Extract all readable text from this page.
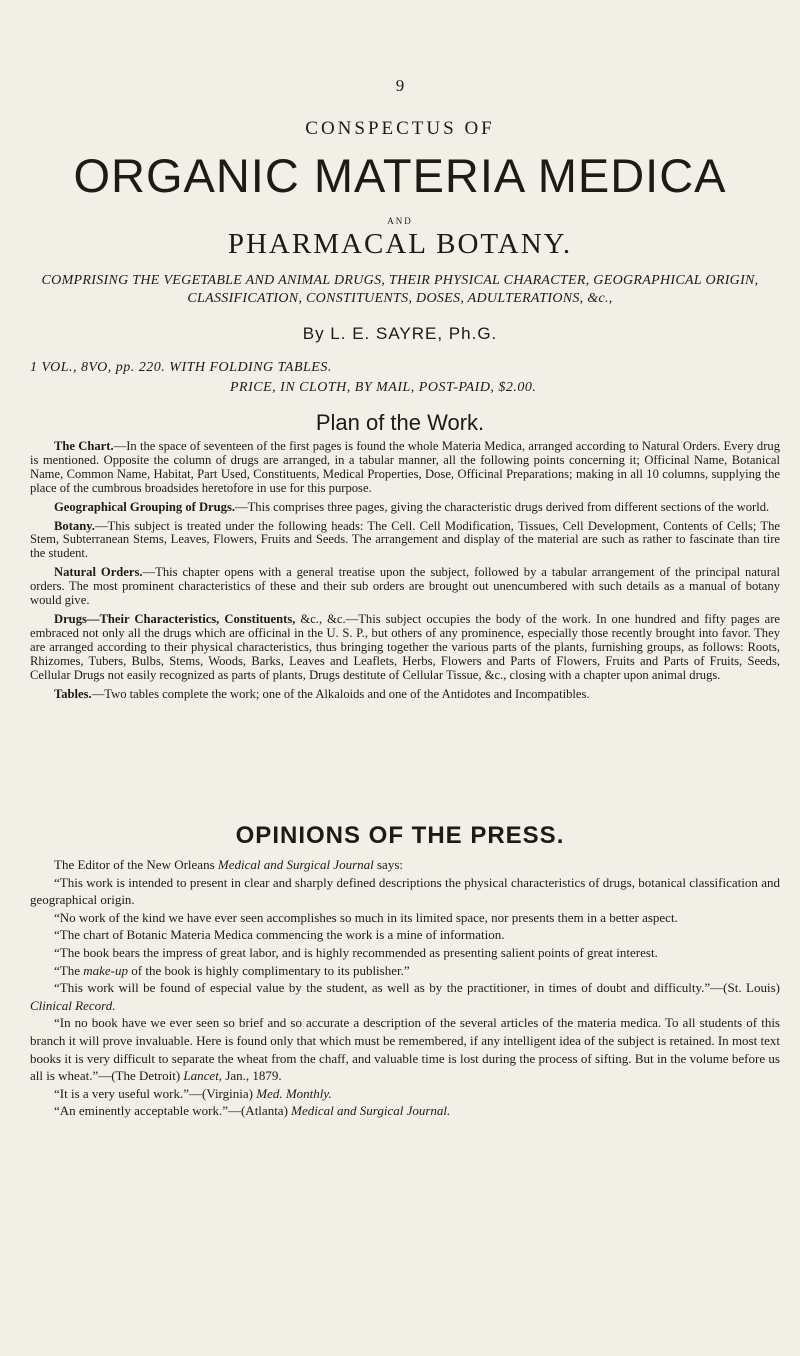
9
CONSPECTUS OF
ORGANIC MATERIA MEDICA
AND
PHARMACAL BOTANY.
COMPRISING THE VEGETABLE AND ANIMAL DRUGS, THEIR PHYSICAL CHARACTER, GEOGRAPHICAL ORIGIN, CLASSIFICATION, CONSTITUENTS, DOSES, ADULTERATIONS, &c.,
By L. E. SAYRE, Ph.G.
1 VOL., 8VO, pp. 220. WITH FOLDING TABLES.
PRICE, IN CLOTH, BY MAIL, POST-PAID, $2.00.
Plan of the Work.

The Chart.—In the space of seventeen of the first pages is found the whole Materia Medica, arranged according to Natural Orders. Every drug is mentioned. Opposite the column of drugs are arranged, in a tabular manner, all the following points concerning it; Officinal Name, Botanical Name, Common Name, Habitat, Part Used, Constituents, Medical Properties, Dose, Officinal Preparations; making in all 10 columns, supplying the place of the cumbrous broadsides heretofore in use for this purpose.

Geographical Grouping of Drugs.—This comprises three pages, giving the characteristic drugs derived from different sections of the world.

Botany.—This subject is treated under the following heads: The Cell. Cell Modification, Tissues, Cell Development, Contents of Cells; The Stem, Subterranean Stems, Leaves, Flowers, Fruits and Seeds. The arrangement and display of the material are such as rather to fascinate than tire the student.

Natural Orders.—This chapter opens with a general treatise upon the subject, followed by a tabular arrangement of the principal natural orders. The most prominent characteristics of these and their sub orders are brought out unencumbered with such details as a manual of botany would give.

Drugs—Their Characteristics, Constituents, &c., &c.—This subject occupies the body of the work. In one hundred and fifty pages are embraced not only all the drugs which are officinal in the U. S. P., but others of any prominence, especially those recently brought into favor. They are arranged according to their physical characteristics, thus bringing together the various parts of the plants, furnishing groups, as follows: Roots, Rhizomes, Tubers, Bulbs, Stems, Woods, Barks, Leaves and Leaflets, Herbs, Flowers and Parts of Flowers, Fruits and Parts of Fruits, Seeds, Cellular Drugs not easily recognized as parts of plants, Drugs destitute of Cellular Tissue, &c., closing with a chapter upon animal drugs.

Tables.—Two tables complete the work; one of the Alkaloids and one of the Antidotes and Incompatibles.

OPINIONS OF THE PRESS.

The Editor of the New Orleans Medical and Surgical Journal says:

“This work is intended to present in clear and sharply defined descriptions the physical characteristics of drugs, botanical classification and geographical origin.

“No work of the kind we have ever seen accomplishes so much in its limited space, nor presents them in a better aspect.

“The chart of Botanic Materia Medica commencing the work is a mine of information.

“The book bears the impress of great labor, and is highly recommended as presenting salient points of great interest.

“The make-up of the book is highly complimentary to its publisher.”

“This work will be found of especial value by the student, as well as by the practitioner, in times of doubt and difficulty.”—(St. Louis) Clinical Record.

“In no book have we ever seen so brief and so accurate a description of the several articles of the materia medica. To all students of this branch it will prove invaluable. Here is found only that which must be remembered, if any intelligent idea of the subject is retained. In most text books it is very difficult to separate the wheat from the chaff, and valuable time is lost during the process of sifting. But in the volume before us all is wheat.”—(The Detroit) Lancet, Jan., 1879.

“It is a very useful work.”—(Virginia) Med. Monthly.

“An eminently acceptable work.”—(Atlanta) Medical and Surgical Journal.
